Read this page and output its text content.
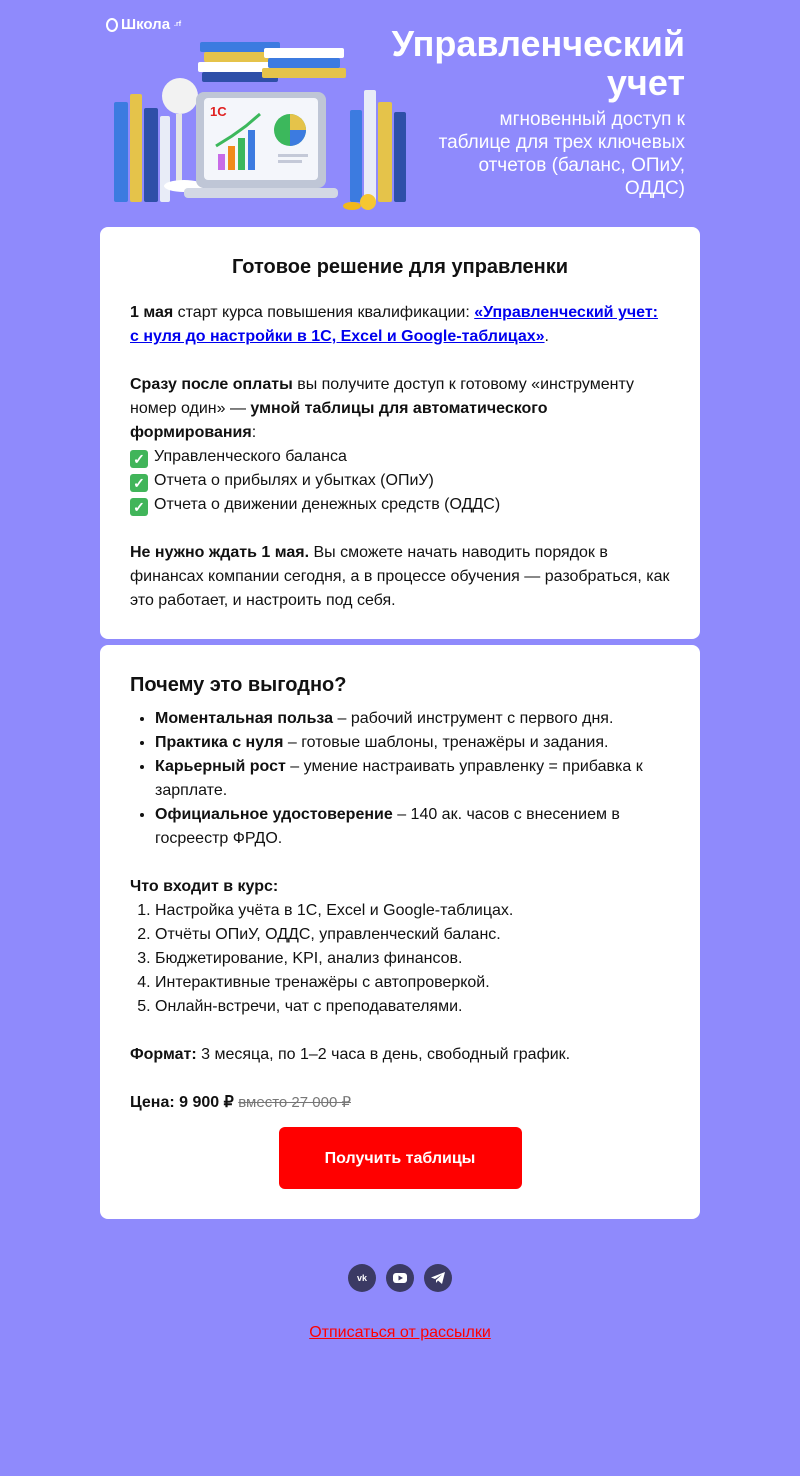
Школа .rf
1С
Управленческий учет
мгновенный доступ к таблице для трех ключевых отчетов (баланс, ОПиУ, ОДДС)
Готовое решение для управленки

1 мая старт курса повышения квалификации: «Управленческий учет: с нуля до настройки в 1С, Excel и Google-таблицах».

Сразу после оплаты вы получите доступ к готовому «инструменту номер один» — умной таблицы для автоматического формирования:

✓ Управленческого баланса
✓ Отчета о прибылях и убытках (ОПиУ)
✓ Отчета о движении денежных средств (ОДДС)

Не нужно ждать 1 мая. Вы сможете начать наводить порядок в финансах компании сегодня, а в процессе обучения — разобраться, как это работает, и настроить под себя.

Почему это выгодно?
• Моментальная польза – рабочий инструмент с первого дня.
• Практика с нуля – готовые шаблоны, тренажёры и задания.
• Карьерный рост – умение настраивать управленку = прибавка к зарплате.
• Официальное удостоверение – 140 ак. часов с внесением в госреестр ФРДО.

Что входит в курс:

1. Настройка учёта в 1С, Excel и Google-таблицах.
2. Отчёты ОПиУ, ОДДС, управленческий баланс.
3. Бюджетирование, KPI, анализ финансов.
4. Интерактивные тренажёры с автопроверкой.
5. Онлайн-встречи, чат с преподавателями.

Формат: 3 месяца, по 1–2 часа в день, свободный график.

Цена: 9 900 ₽ вместо 27 000 ₽

Получить таблицы
vk
Отписаться от рассылки
